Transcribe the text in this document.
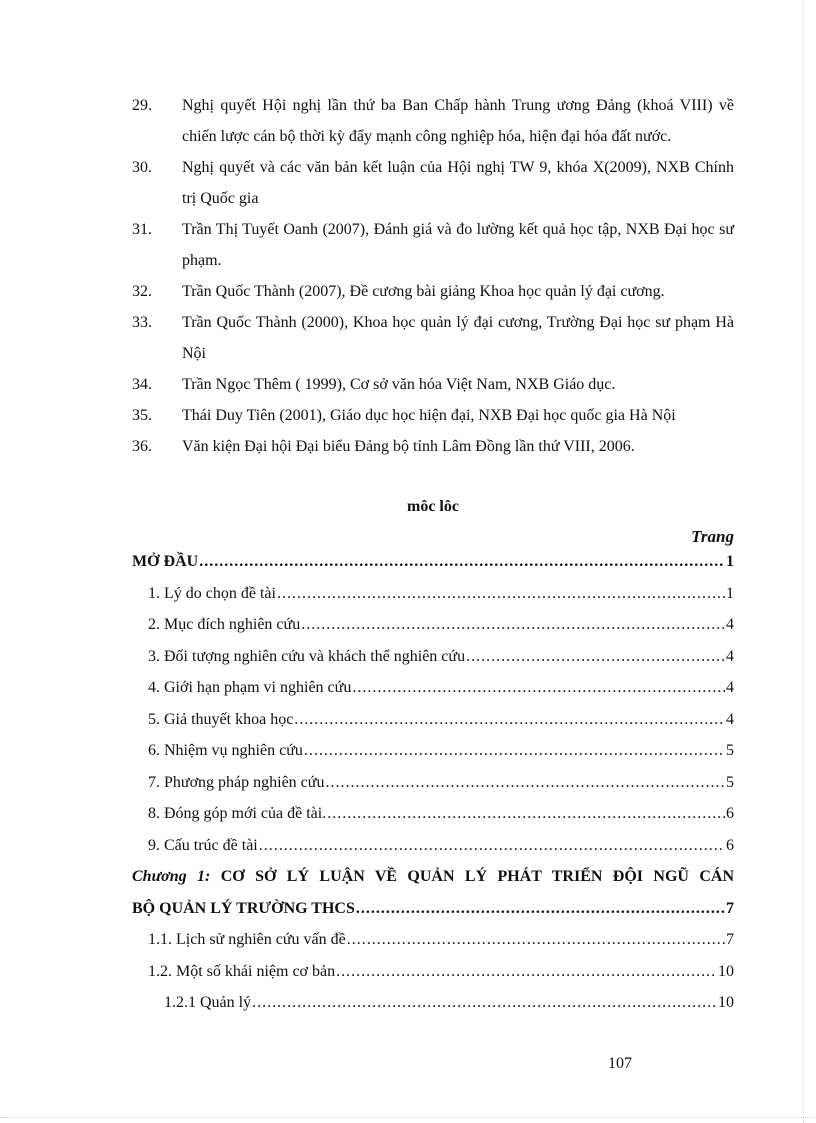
29.	Nghị quyết Hội nghị lần thứ ba Ban Chấp hành Trung ương Đảng (khoá VIII) về chiến lược cán bộ thời kỳ đẩy mạnh công nghiệp hóa, hiện đại hóa đất nước.
30.	Nghị quyết và các văn bản kết luận của Hội nghị TW 9, khóa X(2009), NXB Chính trị Quốc gia
31.	Trần Thị Tuyết Oanh (2007), Đánh giá và đo lường kết quả học tập, NXB Đại học sư phạm.
32.	Trần Quốc Thành (2007), Đề cương bài giảng Khoa học quản lý đại cương.
33.	Trần Quốc Thành (2000), Khoa học quản lý đại cương, Trường Đại học sư phạm Hà Nội
34.	Trần Ngọc Thêm ( 1999), Cơ sở văn hóa Việt Nam, NXB Giáo dục.
35.	Thái Duy Tiên (2001), Giáo dục học hiện đại, NXB Đại học quốc gia Hà Nội
36.	Văn kiện Đại hội Đại biểu Đảng bộ tỉnh Lâm Đồng lần thứ VIII, 2006.
môc lôc
Trang
MỞ ĐẦU .....	1
1. Lý do chọn đề tài .....	1
2. Mục đích nghiên cứu .....	4
3. Đối tượng nghiên cứu và khách thể nghiên cứu .....	4
4. Giới hạn phạm vi nghiên cứu .....	4
5. Giả thuyết khoa học .....	4
6. Nhiệm vụ nghiên cứu .....	5
7. Phương pháp nghiên cứu .....	5
8. Đóng góp mới của đề tài. .....	6
9. Cấu trúc đề tài .....	6
Chương 1: CƠ SỞ LÝ LUẬN VỀ QUẢN LÝ PHÁT TRIỂN ĐỘI NGŨ CÁN
BỘ QUẢN LÝ TRƯỜNG THCS .....	7
1.1. Lịch sử nghiên cứu vấn đề .....	7
1.2. Một số khái niệm cơ bản .....	10
1.2.1 Quản lý .....	10
107
